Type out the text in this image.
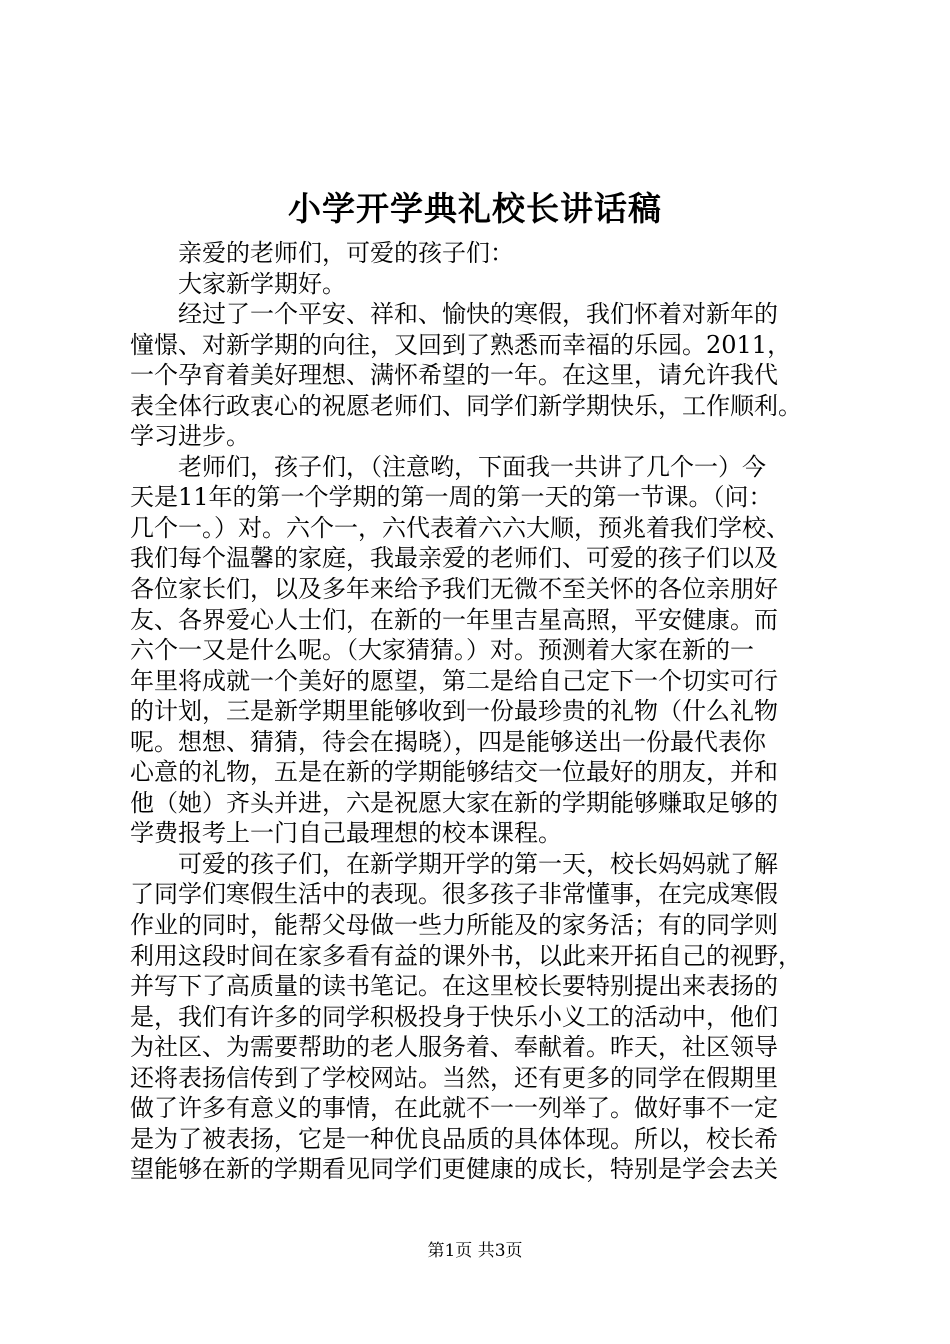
小学开学典礼校长讲话稿
亲爱的老师们，可爱的孩子们：
大家新学期好。
经过了一个平安、祥和、愉快的寒假，我们怀着对新年的
憧憬、对新学期的向往，又回到了熟悉而幸福的乐园。2011，
一个孕育着美好理想、满怀希望的一年。在这里，请允许我代
表全体行政衷心的祝愿老师们、同学们新学期快乐，工作顺利。
学习进步。
老师们，孩子们，（注意哟，下面我一共讲了几个一）今
天是11年的第一个学期的第一周的第一天的第一节课。（问：
几个一。）对。六个一，六代表着六六大顺，预兆着我们学校、
我们每个温馨的家庭，我最亲爱的老师们、可爱的孩子们以及
各位家长们，以及多年来给予我们无微不至关怀的各位亲朋好
友、各界爱心人士们，在新的一年里吉星高照，平安健康。而
六个一又是什么呢。（大家猜猜。）对。预测着大家在新的一
年里将成就一个美好的愿望，第二是给自己定下一个切实可行
的计划，三是新学期里能够收到一份最珍贵的礼物（什么礼物
呢。想想、猜猜，待会在揭晓），四是能够送出一份最代表你
心意的礼物，五是在新的学期能够结交一位最好的朋友，并和
他（她）齐头并进，六是祝愿大家在新的学期能够赚取足够的
学费报考上一门自己最理想的校本课程。
可爱的孩子们，在新学期开学的第一天，校长妈妈就了解
了同学们寒假生活中的表现。很多孩子非常懂事，在完成寒假
作业的同时，能帮父母做一些力所能及的家务活；有的同学则
利用这段时间在家多看有益的课外书，以此来开拓自己的视野，
并写下了高质量的读书笔记。在这里校长要特别提出来表扬的
是，我们有许多的同学积极投身于快乐小义工的活动中，他们
为社区、为需要帮助的老人服务着、奉献着。昨天，社区领导
还将表扬信传到了学校网站。当然，还有更多的同学在假期里
做了许多有意义的事情，在此就不一一列举了。做好事不一定
是为了被表扬，它是一种优良品质的具体体现。所以，校长希
望能够在新的学期看见同学们更健康的成长，特别是学会去关
第1页 共3页
